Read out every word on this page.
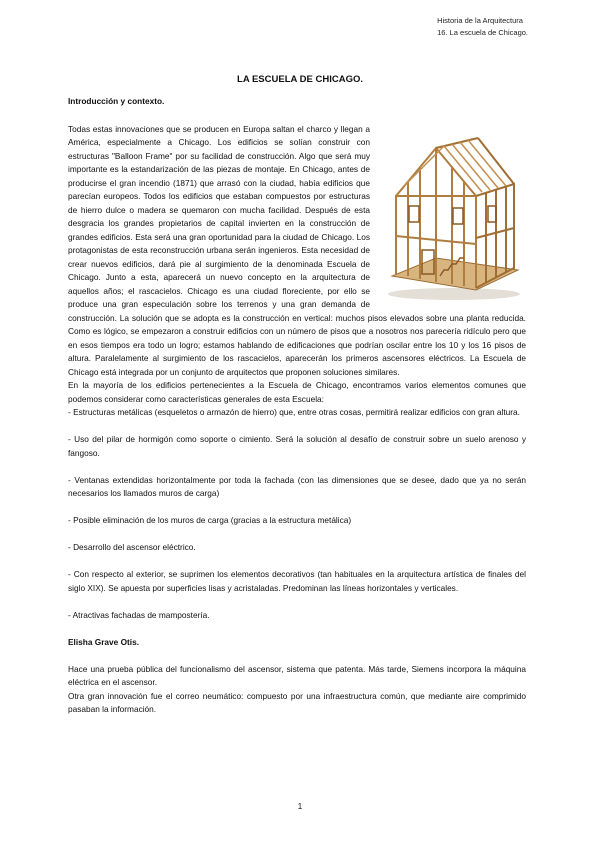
Historia de la Arquitectura
16. La escuela de Chicago.
LA ESCUELA DE CHICAGO.

Introducción y contexto.

Todas estas innovaciones que se producen en Europa saltan el charco y llegan a América, especialmente a Chicago. Los edificios se solían construir con estructuras "Balloon Frame" por su facilidad de construcción. Algo que será muy importante es la estandarización de las piezas de montaje. En Chicago, antes de producirse el gran incendio (1871) que arrasó con la ciudad, había edificios que parecían europeos. Todos los edificios que estaban compuestos por estructuras de hierro dulce o madera se quemaron con mucha facilidad. Después de esta desgracia los grandes propietarios de capital invierten en la construcción de grandes edificios. Esta será una gran oportunidad para la ciudad de Chicago. Los protagonistas de esta reconstrucción urbana serán ingenieros. Esta necesidad de crear nuevos edificios, dará pie al surgimiento de la denominada Escuela de Chicago. Junto a esta, aparecerá un nuevo concepto en la arquitectura de aquellos años; el rascacielos. Chicago es una ciudad floreciente, por ello se produce una gran especulación sobre los terrenos y una gran demanda de construcción. La solución que se adopta es la construcción en vertical: muchos pisos elevados sobre una planta reducida. Como es lógico, se empezaron a construir edificios con un número de pisos que a nosotros nos parecería ridículo pero que en esos tiempos era todo un logro; estamos hablando de edificaciones que podrían oscilar entre los 10 y los 16 pisos de altura. Paralelamente al surgimiento de los rascacielos, aparecerán los primeros ascensores eléctricos. La Escuela de Chicago está integrada por un conjunto de arquitectos que proponen soluciones similares.

En la mayoría de los edificios pertenecientes a la Escuela de Chicago, encontramos varios elementos comunes que podemos considerar como características generales de esta Escuela:

- Estructuras metálicas (esqueletos o armazón de hierro) que, entre otras cosas, permitirá realizar edificios con gran altura.

- Uso del pilar de hormigón como soporte o cimiento. Será la solución al desafío de construir sobre un suelo arenoso y fangoso.

- Ventanas extendidas horizontalmente por toda la fachada (con las dimensiones que se desee, dado que ya no serán necesarios los llamados muros de carga)

- Posible eliminación de los muros de carga (gracias a la estructura metálica)

- Desarrollo del ascensor eléctrico.

- Con respecto al exterior, se suprimen los elementos decorativos (tan habituales en la arquitectura artística de finales del siglo XIX). Se apuesta por superficies lisas y acristaladas. Predominan las líneas horizontales y verticales.

- Atractivas fachadas de mampostería.

Elisha Grave Otis.

Hace una prueba pública del funcionalismo del ascensor, sistema que patenta. Más tarde, Siemens incorpora la máquina eléctrica en el ascensor.

Otra gran innovación fue el correo neumático: compuesto por una infraestructura común, que mediante aire comprimido pasaban la información.

1
